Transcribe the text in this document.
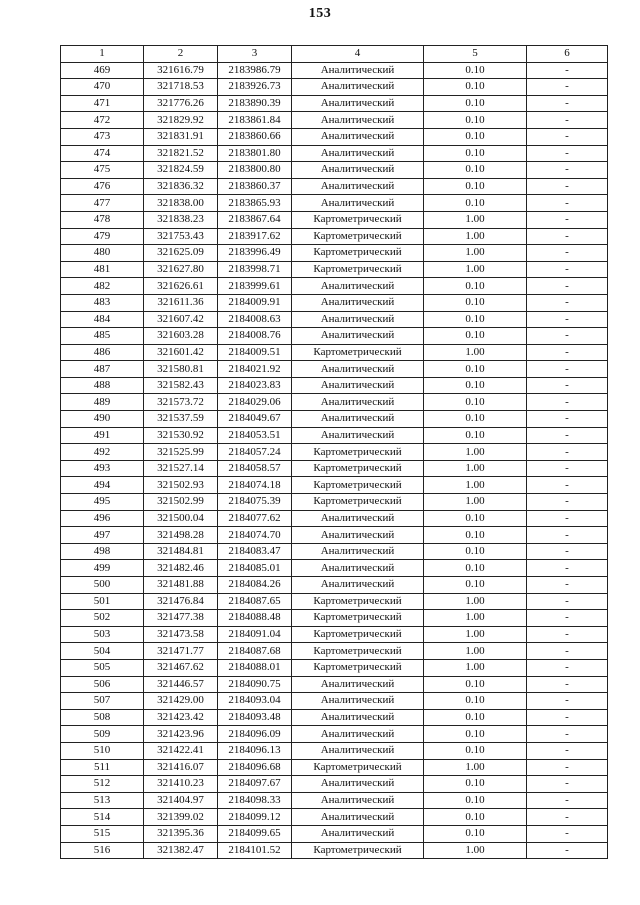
153
1	2	3	4	5	6
469	321616.79	2183986.79	Аналитический	0.10	-
470	321718.53	2183926.73	Аналитический	0.10	-
471	321776.26	2183890.39	Аналитический	0.10	-
472	321829.92	2183861.84	Аналитический	0.10	-
473	321831.91	2183860.66	Аналитический	0.10	-
474	321821.52	2183801.80	Аналитический	0.10	-
475	321824.59	2183800.80	Аналитический	0.10	-
476	321836.32	2183860.37	Аналитический	0.10	-
477	321838.00	2183865.93	Аналитический	0.10	-
478	321838.23	2183867.64	Картометрический	1.00	-
479	321753.43	2183917.62	Картометрический	1.00	-
480	321625.09	2183996.49	Картометрический	1.00	-
481	321627.80	2183998.71	Картометрический	1.00	-
482	321626.61	2183999.61	Аналитический	0.10	-
483	321611.36	2184009.91	Аналитический	0.10	-
484	321607.42	2184008.63	Аналитический	0.10	-
485	321603.28	2184008.76	Аналитический	0.10	-
486	321601.42	2184009.51	Картометрический	1.00	-
487	321580.81	2184021.92	Аналитический	0.10	-
488	321582.43	2184023.83	Аналитический	0.10	-
489	321573.72	2184029.06	Аналитический	0.10	-
490	321537.59	2184049.67	Аналитический	0.10	-
491	321530.92	2184053.51	Аналитический	0.10	-
492	321525.99	2184057.24	Картометрический	1.00	-
493	321527.14	2184058.57	Картометрический	1.00	-
494	321502.93	2184074.18	Картометрический	1.00	-
495	321502.99	2184075.39	Картометрический	1.00	-
496	321500.04	2184077.62	Аналитический	0.10	-
497	321498.28	2184074.70	Аналитический	0.10	-
498	321484.81	2184083.47	Аналитический	0.10	-
499	321482.46	2184085.01	Аналитический	0.10	-
500	321481.88	2184084.26	Аналитический	0.10	-
501	321476.84	2184087.65	Картометрический	1.00	-
502	321477.38	2184088.48	Картометрический	1.00	-
503	321473.58	2184091.04	Картометрический	1.00	-
504	321471.77	2184087.68	Картометрический	1.00	-
505	321467.62	2184088.01	Картометрический	1.00	-
506	321446.57	2184090.75	Аналитический	0.10	-
507	321429.00	2184093.04	Аналитический	0.10	-
508	321423.42	2184093.48	Аналитический	0.10	-
509	321423.96	2184096.09	Аналитический	0.10	-
510	321422.41	2184096.13	Аналитический	0.10	-
511	321416.07	2184096.68	Картометрический	1.00	-
512	321410.23	2184097.67	Аналитический	0.10	-
513	321404.97	2184098.33	Аналитический	0.10	-
514	321399.02	2184099.12	Аналитический	0.10	-
515	321395.36	2184099.65	Аналитический	0.10	-
516	321382.47	2184101.52	Картометрический	1.00	-
